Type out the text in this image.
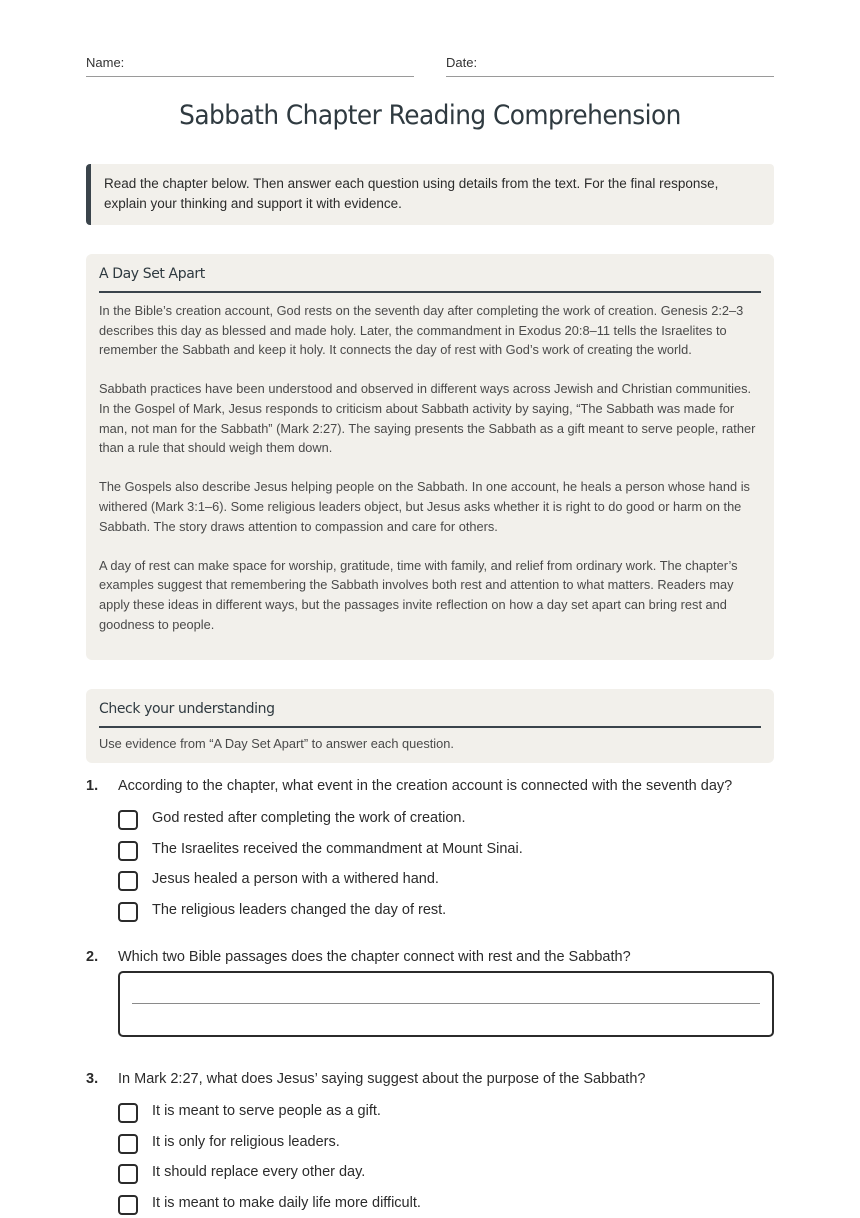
Name:	Date:
Sabbath Chapter Reading Comprehension
Read the chapter below. Then answer each question using details from the text. For the final response, explain your thinking and support it with evidence.
A Day Set Apart

In the Bible’s creation account, God rests on the seventh day after completing the work of creation. Genesis 2:2–3 describes this day as blessed and made holy. Later, the commandment in Exodus 20:8–11 tells the Israelites to remember the Sabbath and keep it holy. It connects the day of rest with God’s work of creating the world.

Sabbath practices have been understood and observed in different ways across Jewish and Christian communities. In the Gospel of Mark, Jesus responds to criticism about Sabbath activity by saying, “The Sabbath was made for man, not man for the Sabbath” (Mark 2:27). The saying presents the Sabbath as a gift meant to serve people, rather than a rule that should weigh them down.

The Gospels also describe Jesus helping people on the Sabbath. In one account, he heals a person whose hand is withered (Mark 3:1–6). Some religious leaders object, but Jesus asks whether it is right to do good or harm on the Sabbath. The story draws attention to compassion and care for others.

A day of rest can make space for worship, gratitude, time with family, and relief from ordinary work. The chapter’s examples suggest that remembering the Sabbath involves both rest and attention to what matters. Readers may apply these ideas in different ways, but the passages invite reflection on how a day set apart can bring rest and goodness to people.

Check your understanding
Use evidence from “A Day Set Apart” to answer each question.
1. According to the chapter, what event in the creation account is connected with the seventh day?
God rested after completing the work of creation.
The Israelites received the commandment at Mount Sinai.
Jesus healed a person with a withered hand.
The religious leaders changed the day of rest.
2. Which two Bible passages does the chapter connect with rest and the Sabbath?
3. In Mark 2:27, what does Jesus’ saying suggest about the purpose of the Sabbath?
It is meant to serve people as a gift.
It is only for religious leaders.
It should replace every other day.
It is meant to make daily life more difficult.
